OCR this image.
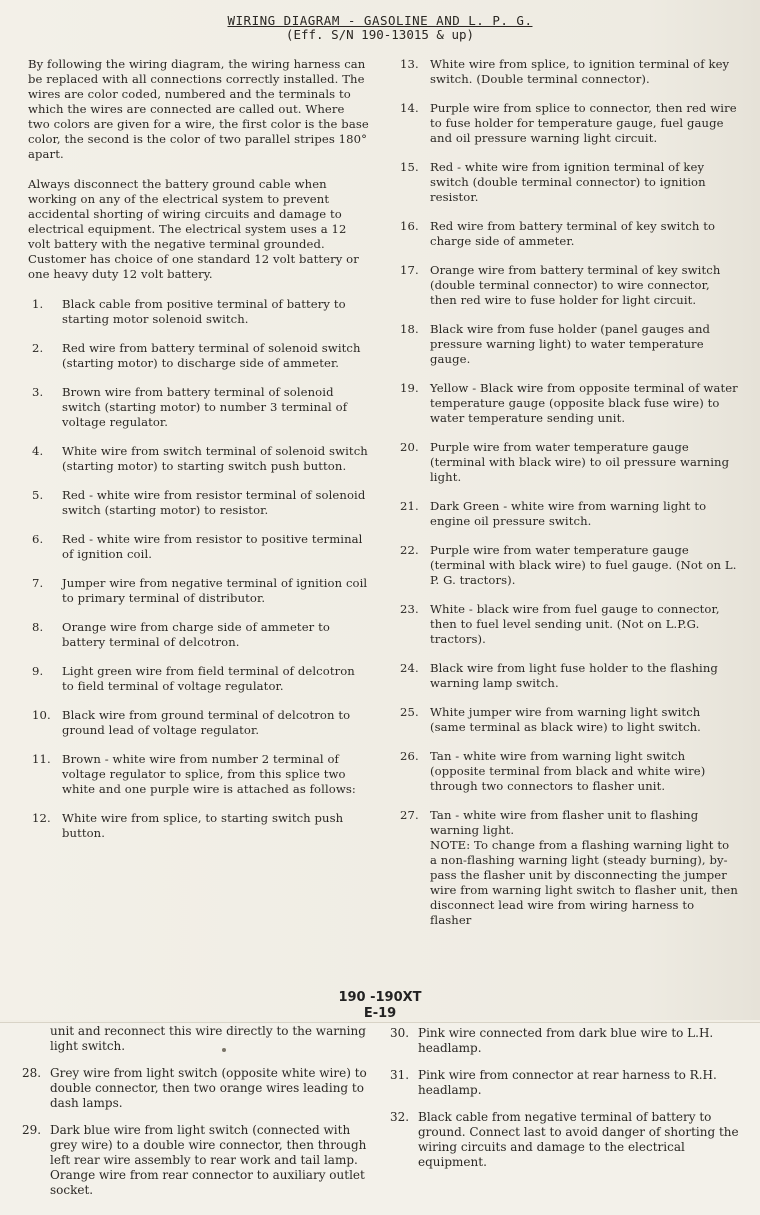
WIRING DIAGRAM - GASOLINE AND L. P. G.
(Eff. S/N 190-13015 & up)

By following the wiring diagram, the wiring harness can be replaced with all connections correctly installed. The wires are color coded, numbered and the terminals to which the wires are connected are called out. Where two colors are given for a wire, the first color is the base color, the second is the color of two parallel stripes 180° apart.

Always disconnect the battery ground cable when working on any of the electrical system to prevent accidental shorting of wiring circuits and damage to electrical equipment. The electrical system uses a 12 volt battery with the negative terminal grounded. Customer has choice of one standard 12 volt battery or one heavy duty 12 volt battery.

1.	Black cable from positive terminal of battery to starting motor solenoid switch.
2.	Red wire from battery terminal of solenoid switch (starting motor) to discharge side of ammeter.
3.	Brown wire from battery terminal of solenoid switch (starting motor) to number 3 terminal of voltage regulator.
4.	White wire from switch terminal of solenoid switch (starting motor) to starting switch push button.
5.	Red - white wire from resistor terminal of solenoid switch (starting motor) to resistor.
6.	Red - white wire from resistor to positive terminal of ignition coil.
7.	Jumper wire from negative terminal of ignition coil to primary terminal of distributor.
8.	Orange wire from charge side of ammeter to battery terminal of delcotron.
9.	Light green wire from field terminal of delcotron to field terminal of voltage regulator.
10. Black wire from ground terminal of delcotron to ground lead of voltage regulator.
11. Brown - white wire from number 2 terminal of voltage regulator to splice, from this splice two white and one purple wire is attached as follows:
12. White wire from splice, to starting switch push button.
13. White wire from splice, to ignition terminal of key switch. (Double terminal connector).
14. Purple wire from splice to connector, then red wire to fuse holder for temperature gauge, fuel gauge and oil pressure warning light circuit.
15. Red - white wire from ignition terminal of key switch (double terminal connector) to ignition resistor.
16. Red wire from battery terminal of key switch to charge side of ammeter.
17. Orange wire from battery terminal of key switch (double terminal connector) to wire connector, then red wire to fuse holder for light circuit.
18. Black wire from fuse holder (panel gauges and pressure warning light) to water temperature gauge.
19. Yellow - Black wire from opposite terminal of water temperature gauge (opposite black fuse wire) to water temperature sending unit.
20. Purple wire from water temperature gauge (terminal with black wire) to oil pressure warning light.
21. Dark Green - white wire from warning light to engine oil pressure switch.
22. Purple wire from water temperature gauge (terminal with black wire) to fuel gauge. (Not on L. P. G. tractors).
23. White - black wire from fuel gauge to connector, then to fuel level sending unit. (Not on L.P.G. tractors).
24. Black wire from light fuse holder to the flashing warning lamp switch.
25. White jumper wire from warning light switch (same terminal as black wire) to light switch.
26. Tan - white wire from warning light switch (opposite terminal from black and white wire) through two connectors to flasher unit.
27. Tan - white wire from flasher unit to flashing warning light.
NOTE: To change from a flashing warning light to a non-flashing warning light (steady burning), by-pass the flasher unit by disconnecting the jumper wire from warning light switch to flasher unit, then disconnect lead wire from wiring harness to flasher
190 -190XT
E-19
unit and reconnect this wire directly to the warning light switch.
28. Grey wire from light switch (opposite white wire) to double connector, then two orange wires leading to dash lamps.
29. Dark blue wire from light switch (connected with grey wire) to a double wire connector, then through left rear wire assembly to rear work and tail lamp. Orange wire from rear connector to auxiliary outlet socket.
30. Pink wire connected from dark blue wire to L.H. headlamp.
31. Pink wire from connector at rear harness to R.H. headlamp.
32. Black cable from negative terminal of battery to ground. Connect last to avoid danger of shorting the wiring circuits and damage to the electrical equipment.
